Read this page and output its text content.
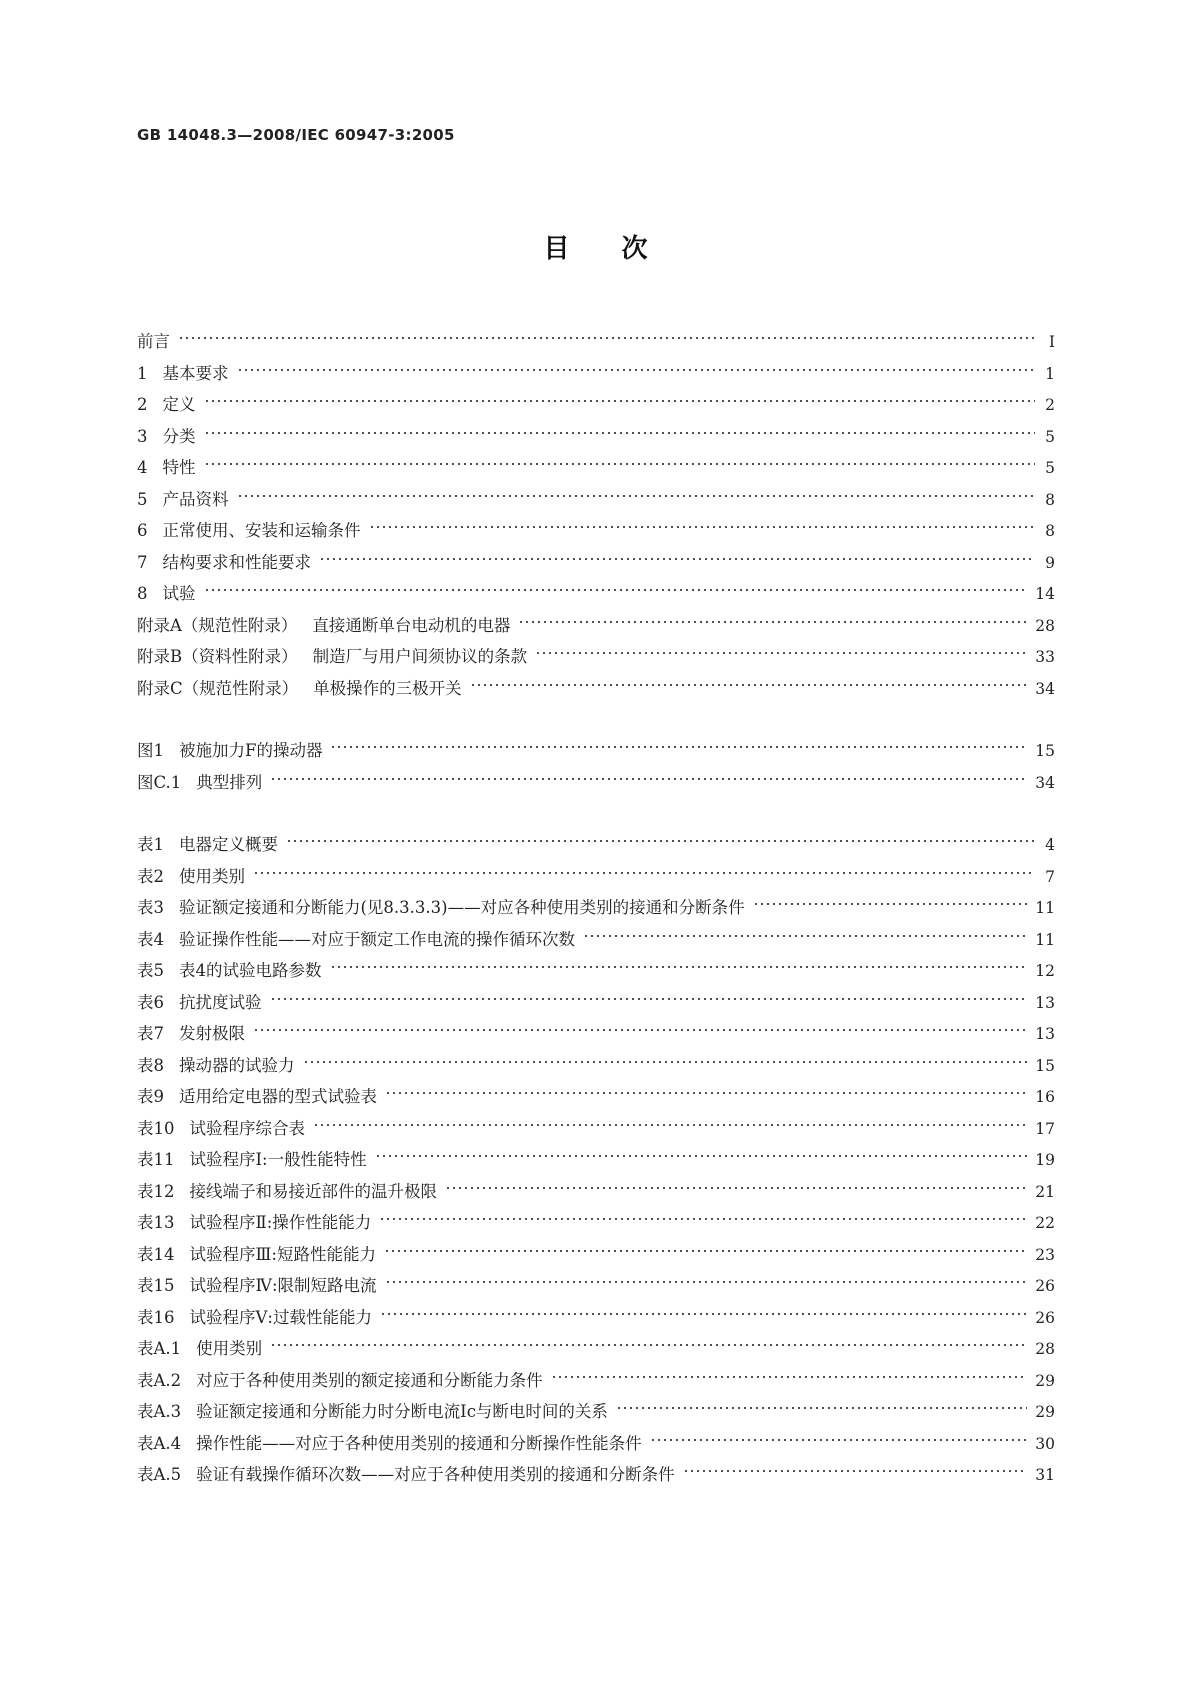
GB 14048.3—2008/IEC 60947-3:2005
目次
前言	Ⅰ
1 基本要求	1
2 定义	2
3 分类	5
4 特性	5
5 产品资料	8
6 正常使用、安装和运输条件	8
7 结构要求和性能要求	9
8 试验	14
附录A（规范性附录） 直接通断单台电动机的电器	28
附录B（资料性附录） 制造厂与用户间须协议的条款	33
附录C（规范性附录） 单极操作的三极开关	34
图1 被施加力F的操动器	15
图C.1 典型排列	34
表1 电器定义概要	4
表2 使用类别	7
表3 验证额定接通和分断能力(见8.3.3.3)——对应各种使用类别的接通和分断条件	11
表4 验证操作性能——对应于额定工作电流的操作循环次数	11
表5 表4的试验电路参数	12
表6 抗扰度试验	13
表7 发射极限	13
表8 操动器的试验力	15
表9 适用给定电器的型式试验表	16
表10 试验程序综合表	17
表11 试验程序Ⅰ:一般性能特性	19
表12 接线端子和易接近部件的温升极限	21
表13 试验程序Ⅱ:操作性能能力	22
表14 试验程序Ⅲ:短路性能能力	23
表15 试验程序Ⅳ:限制短路电流	26
表16 试验程序Ⅴ:过载性能能力	26
表A.1 使用类别	28
表A.2 对应于各种使用类别的额定接通和分断能力条件	29
表A.3 验证额定接通和分断能力时分断电流Ic与断电时间的关系	29
表A.4 操作性能——对应于各种使用类别的接通和分断操作性能条件	30
表A.5 验证有载操作循环次数——对应于各种使用类别的接通和分断条件	31
